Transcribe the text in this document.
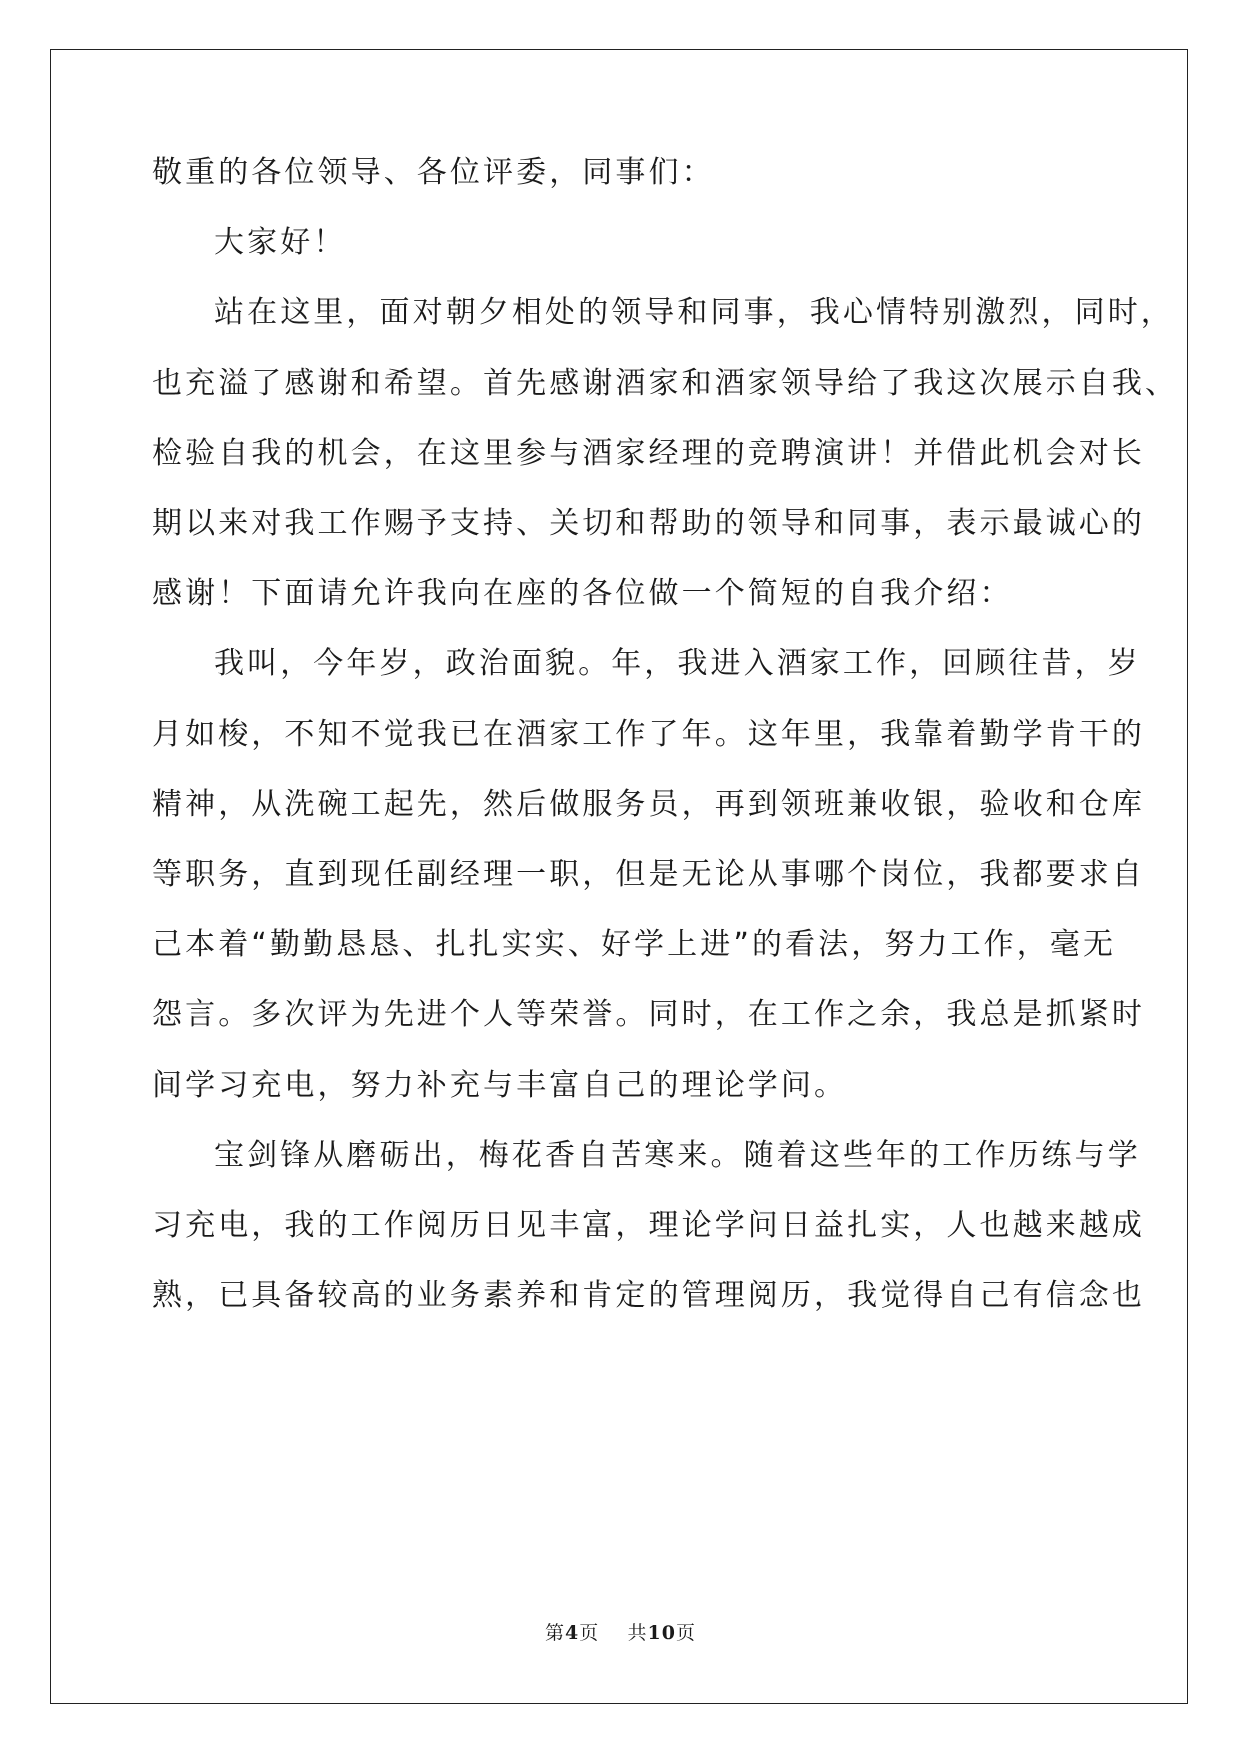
敬重的各位领导、各位评委，同事们：
大家好！
站在这里，面对朝夕相处的领导和同事，我心情特别激烈，同时，
也充溢了感谢和希望。首先感谢酒家和酒家领导给了我这次展示自我、
检验自我的机会，在这里参与酒家经理的竞聘演讲！并借此机会对长
期以来对我工作赐予支持、关切和帮助的领导和同事，表示最诚心的
感谢！下面请允许我向在座的各位做一个简短的自我介绍：
我叫，今年岁，政治面貌。年，我进入酒家工作，回顾往昔，岁
月如梭，不知不觉我已在酒家工作了年。这年里，我靠着勤学肯干的
精神，从洗碗工起先，然后做服务员，再到领班兼收银，验收和仓库
等职务，直到现任副经理一职，但是无论从事哪个岗位，我都要求自
己本着“勤勤恳恳、扎扎实实、好学上进”的看法，努力工作，毫无
怨言。多次评为先进个人等荣誉。同时，在工作之余，我总是抓紧时
间学习充电，努力补充与丰富自己的理论学问。
宝剑锋从磨砺出，梅花香自苦寒来。随着这些年的工作历练与学
习充电，我的工作阅历日见丰富，理论学问日益扎实，人也越来越成
熟，已具备较高的业务素养和肯定的管理阅历，我觉得自己有信念也
第4页 共10页
